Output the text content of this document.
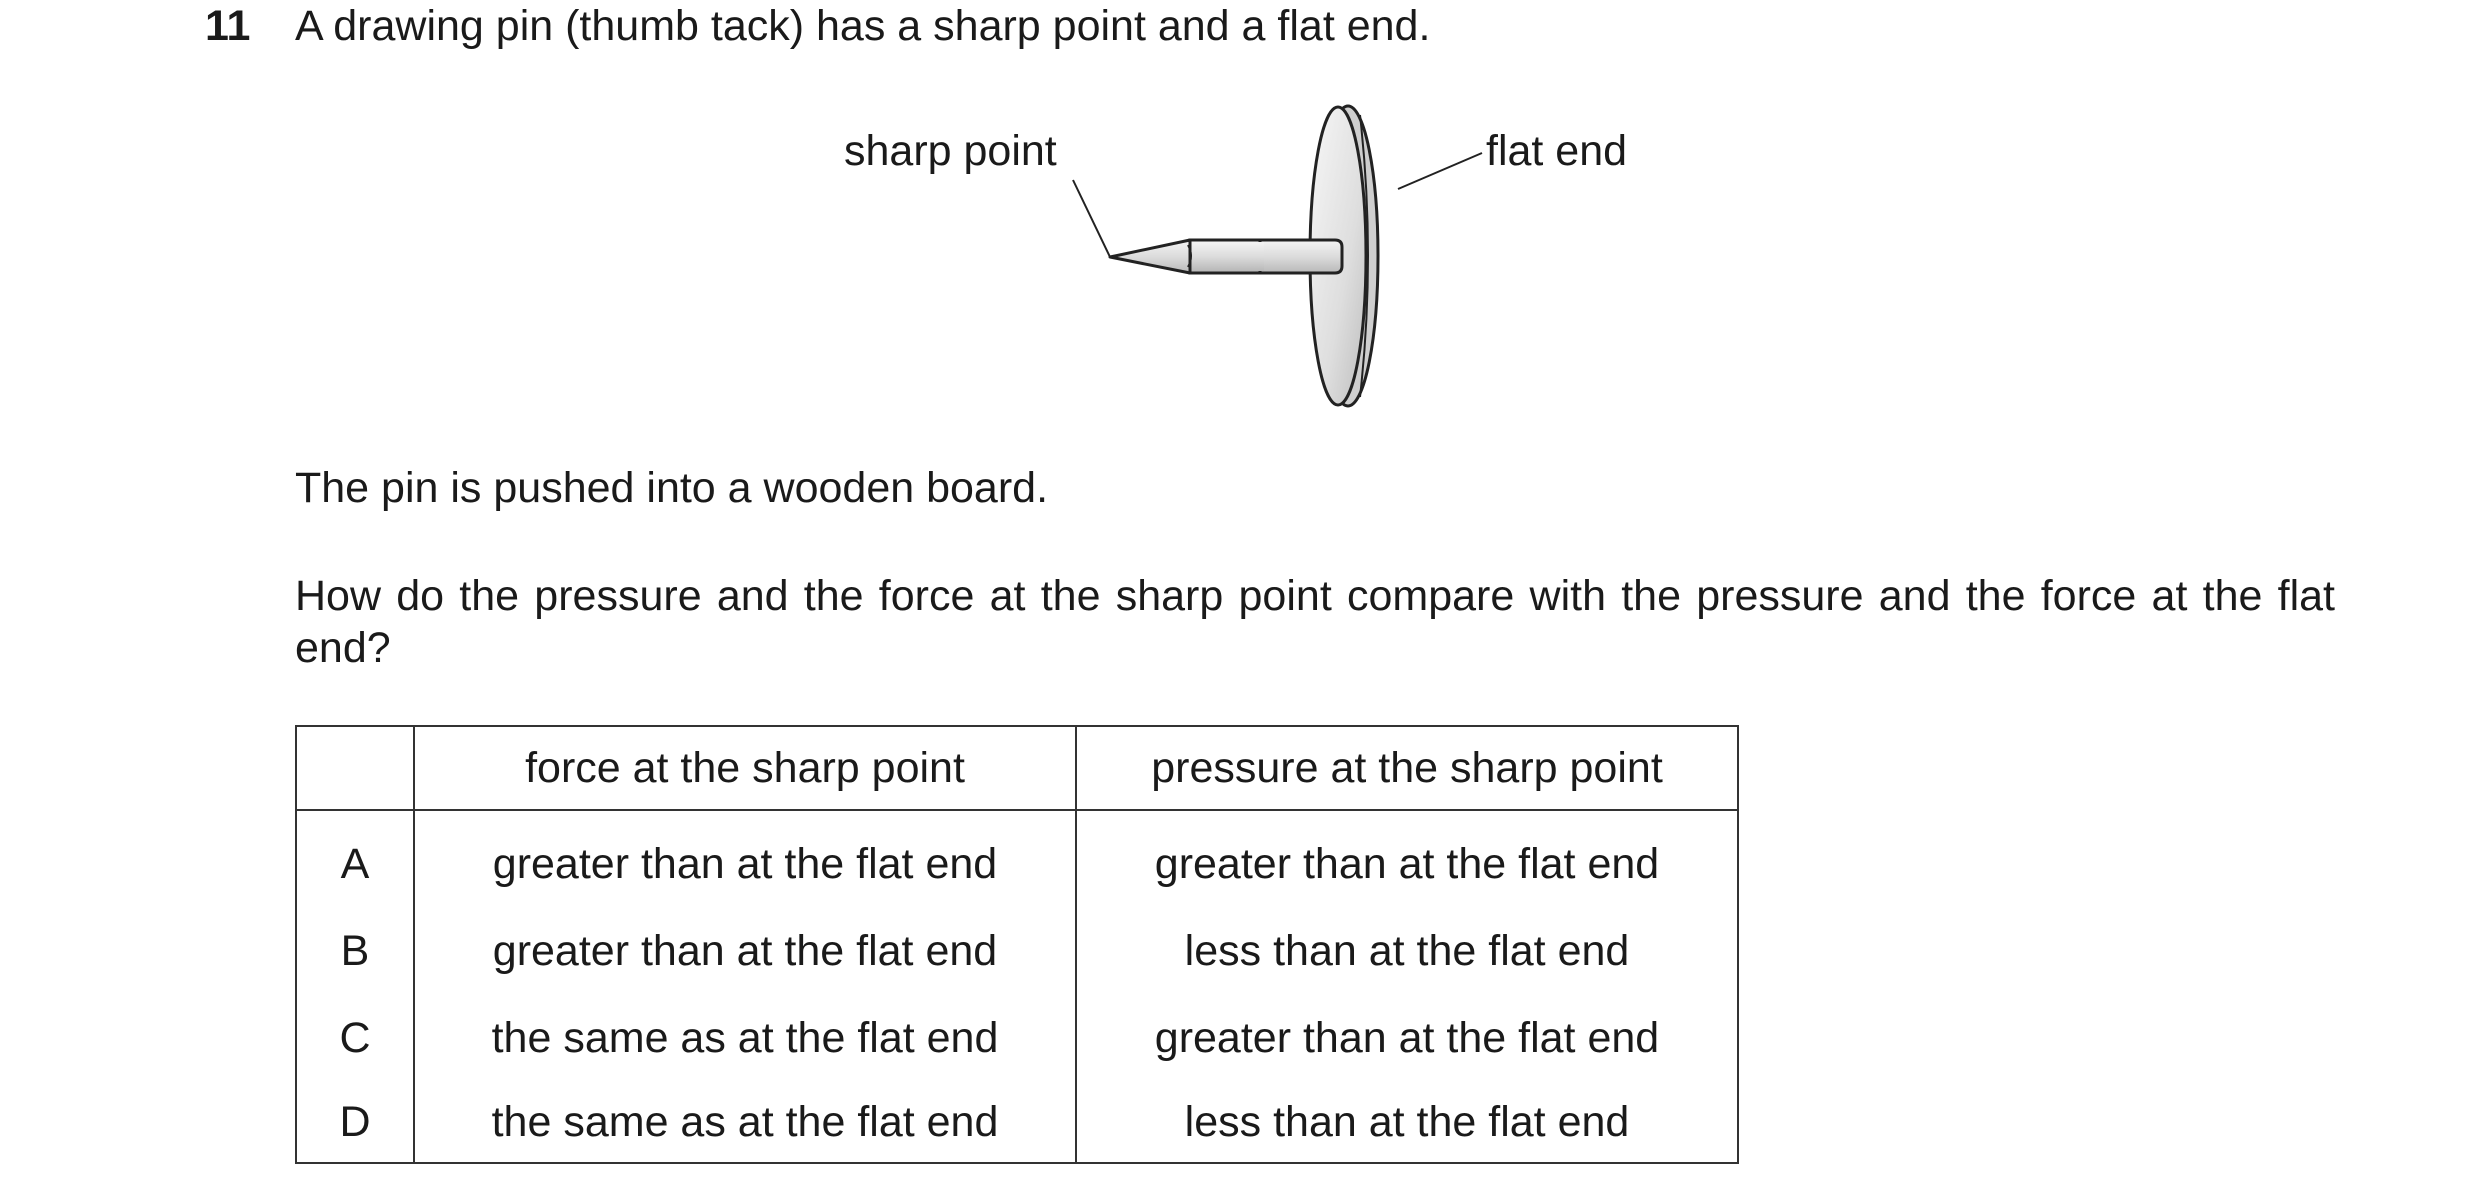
11 A drawing pin (thumb tack) has a sharp point and a flat end.
sharp point	flat end
The pin is pushed into a wooden board.
How do the pressure and the force at the sharp point compare with the pressure and the force at the flat end?
	force at the sharp point	pressure at the sharp point
A	greater than at the flat end	greater than at the flat end
B	greater than at the flat end	less than at the flat end
C	the same as at the flat end	greater than at the flat end
D	the same as at the flat end	less than at the flat end
